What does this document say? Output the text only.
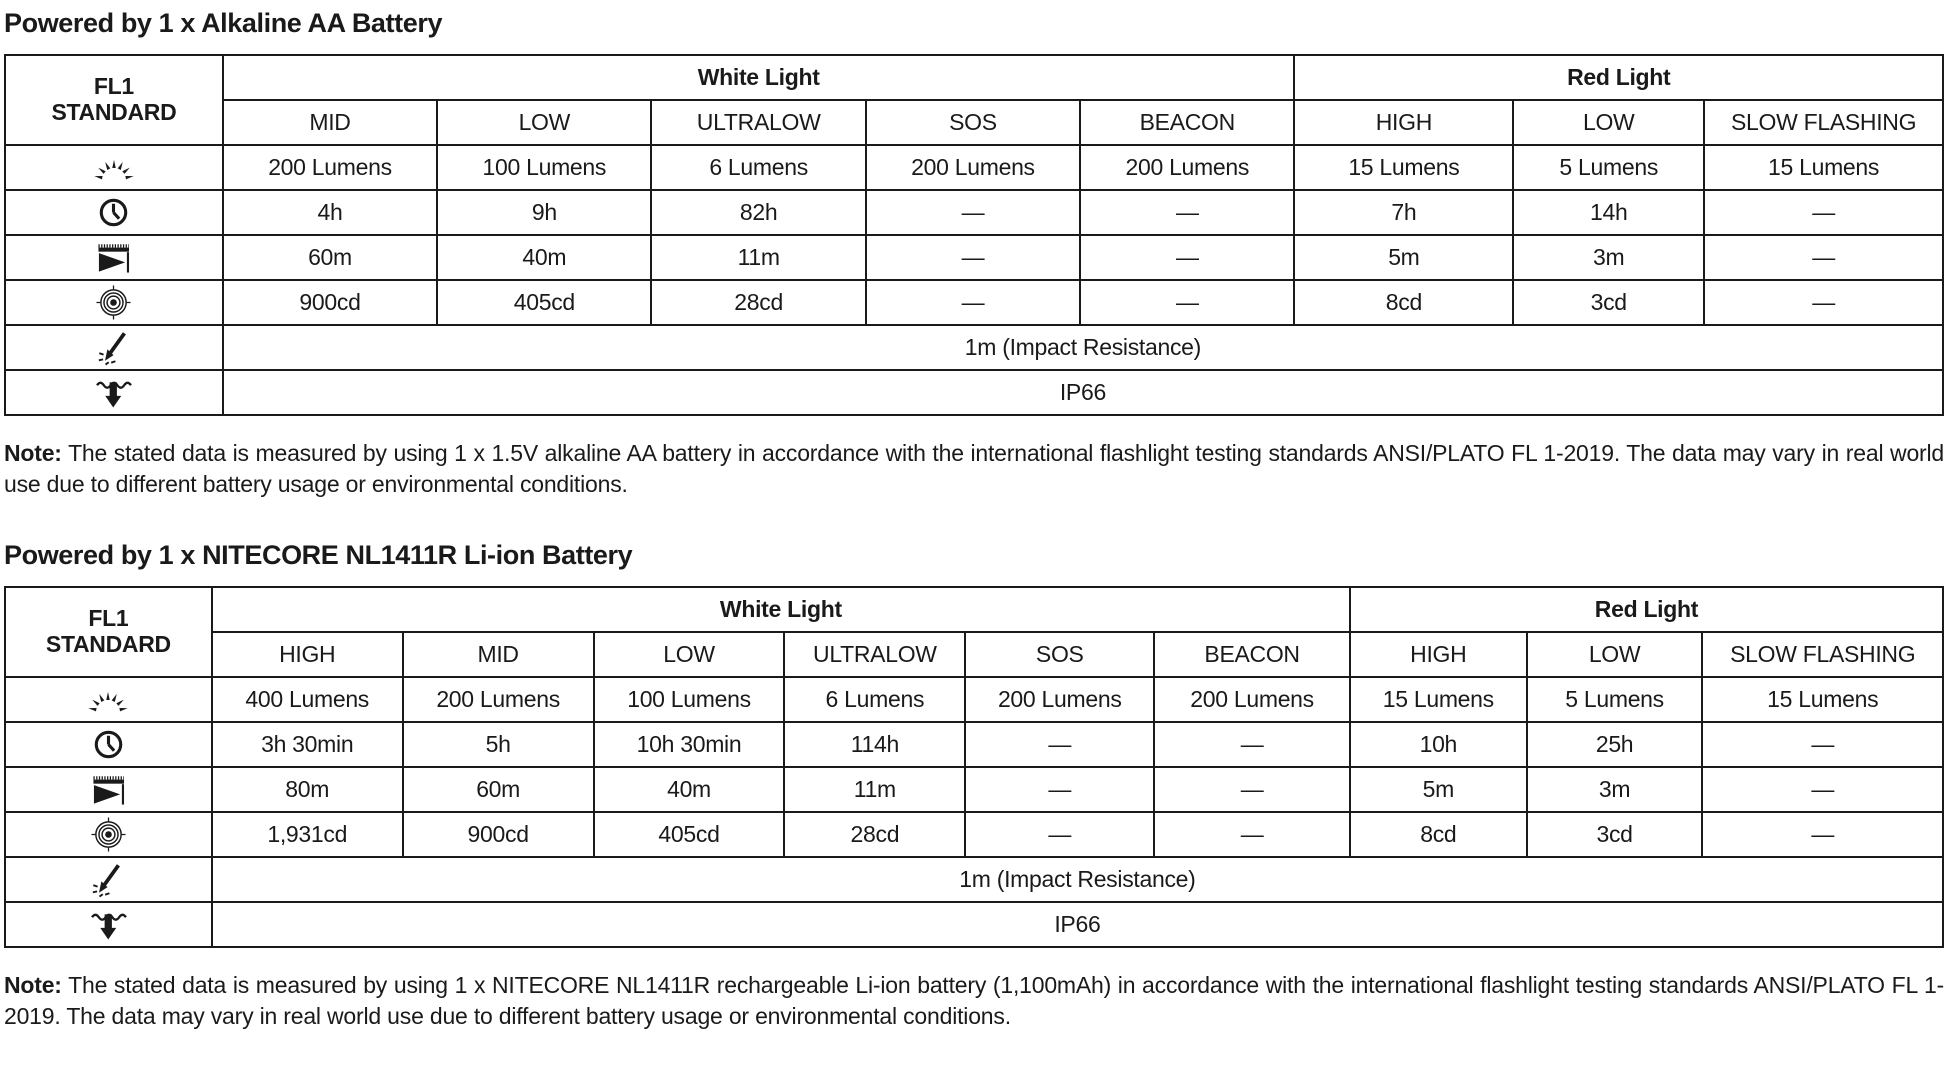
Powered by 1 x Alkaline AA Battery
FL1
STANDARD	White Light					Red Light		
	MID	LOW	ULTRALOW	SOS	BEACON	HIGH	LOW	SLOW FLASHING

	200 Lumens	100 Lumens	6 Lumens	200 Lumens	200 Lumens	15 Lumens	5 Lumens	15 Lumens

	4h	9h	82h	—	—	7h	14h	—

	60m	40m	11m	—	—	5m	3m	—

	900cd	405cd	28cd	—	—	8cd	3cd	—

	1m (Impact Resistance)							

	IP66							

Note: The stated data is measured by using 1 x 1.5V alkaline AA battery in accordance with the international flashlight testing standards ANSI/PLATO FL 1-2019. The data may vary in real world use due to different battery usage or environmental conditions.

Powered by 1 x NITECORE NL1411R Li-ion Battery
FL1
STANDARD	White Light						Red Light		
	HIGH	MID	LOW	ULTRALOW	SOS	BEACON	HIGH	LOW	SLOW FLASHING

	400 Lumens	200 Lumens	100 Lumens	6 Lumens	200 Lumens	200 Lumens	15 Lumens	5 Lumens	15 Lumens

	3h 30min	5h	10h 30min	114h	—	—	10h	25h	—

	80m	60m	40m	11m	—	—	5m	3m	—

	1,931cd	900cd	405cd	28cd	—	—	8cd	3cd	—

	1m (Impact Resistance)								

	IP66								

Note: The stated data is measured by using 1 x NITECORE NL1411R rechargeable Li-ion battery (1,100mAh) in accordance with the international flashlight testing standards ANSI/PLATO FL 1-2019. The data may vary in real world use due to different battery usage or environmental conditions.
